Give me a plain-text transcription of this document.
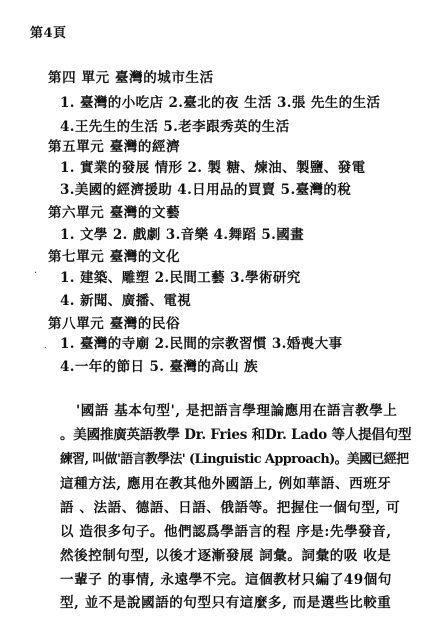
第4頁
第四 單元 臺灣的城市生活
1. 臺灣的小吃店 2.臺北的夜 生活 3.張 先生的生活
4.王先生的生活 5.老李跟秀英的生活
第五單元 臺灣的經濟
1. 實業的發展 情形 2. 製 糖、煉油、製鹽、發電
3.美國的經濟援助 4.日用品的買賣 5.臺灣的稅
第六單元 臺灣的文藝
1. 文學 2. 戲劇 3.音樂 4.舞蹈 5.國畫
第七單元 臺灣的文化
· 1. 建築、雕塑 2.民間工藝 3.學術研究
4. 新聞、廣播、電視
第八單元 臺灣的民俗
ˏ 1. 臺灣的寺廟 2.民間的宗教習慣 3.婚喪大事
4.一年的節日 5. 臺灣的高山 族
'國語 基本句型', 是把語言學理論應用在語言教學上
。美國推廣英語教學 Dr. Fries 和Dr. Lado 等人提倡句型
練習, 叫做'語言教學法' (Linguistic Approach)。美國已經把
這種方法, 應用在教其他外國語上, 例如華語、西班牙
語 、法語、德語、日語、俄語等。把握住一個句型, 可
以 造很多句子。他們認爲學語言的程 序是:先學發音,
然後控制句型, 以後才逐漸發展 詞彙。詞彙的吸 收是
一輩子 的事情, 永遠學不完。這個教材只編了49個句
型, 並不是說國語的句型只有這麼多, 而是選些比較重
